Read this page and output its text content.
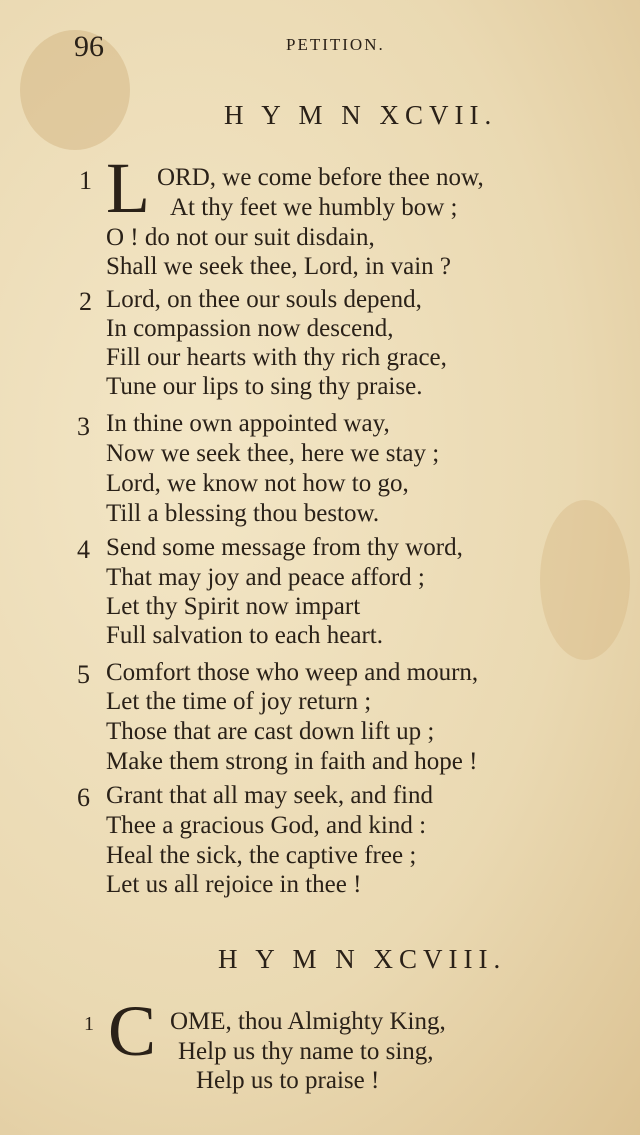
96	PETITION.
H Y M N XCVII.
1 L ORD, we come before thee now,
At thy feet we humbly bow ;
O ! do not our suit disdain,
Shall we seek thee, Lord, in vain ?
2 Lord, on thee our souls depend,
In compassion now descend,
Fill our hearts with thy rich grace,
Tune our lips to sing thy praise.
3 In thine own appointed way,
Now we seek thee, here we stay ;
Lord, we know not how to go,
Till a blessing thou bestow.
4 Send some message from thy word,
That may joy and peace afford ;
Let thy Spirit now impart
Full salvation to each heart.
5 Comfort those who weep and mourn,
Let the time of joy return ;
Those that are cast down lift up ;
Make them strong in faith and hope !
6 Grant that all may seek, and find
Thee a gracious God, and kind :
Heal the sick, the captive free ;
Let us all rejoice in thee !
H Y M N XCVIII.
1 C OME, thou Almighty King,
Help us thy name to sing,
Help us to praise !
